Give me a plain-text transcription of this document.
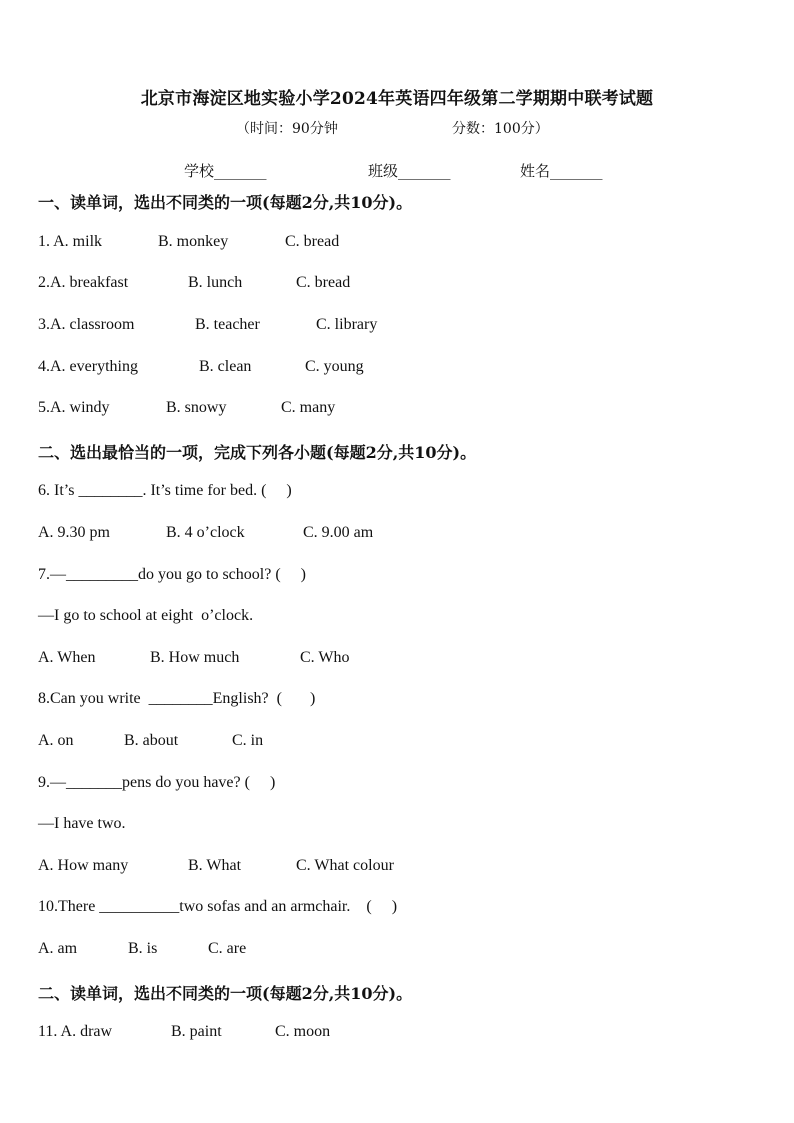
北京市海淀区地实验小学2024年英语四年级第二学期期中联考试题
（时间：90分钟	分数：100分）
学校_______	班级_______	姓名_______
一、读单词，选出不同类的一项(每题2分,共10分)。
1. A. milk	B. monkey	C. bread
2.A. breakfast	B. lunch	C. bread
3.A. classroom	B. teacher	C. library
4.A. everything	B. clean	C. young
5.A. windy	B. snowy	C. many
二、选出最恰当的一项，完成下列各小题(每题2分,共10分)。
6. It’s ________. It’s time for bed. (     )
A. 9.30 pm	B. 4 o’clock	C. 9.00 am
7.—_________do you go to school? (     )
—I go to school at eight  o’clock.
A. When	B. How much	C. Who
8.Can you write  ________English?  (       )
A. on	B. about	C. in
9.—_______pens do you have? (     )
—I have two.
A. How many	B. What	C. What colour
10.There __________two sofas and an armchair.    (     )
A. am	B. is	C. are
二、读单词，选出不同类的一项(每题2分,共10分)。
11. A. draw	B. paint	C. moon
